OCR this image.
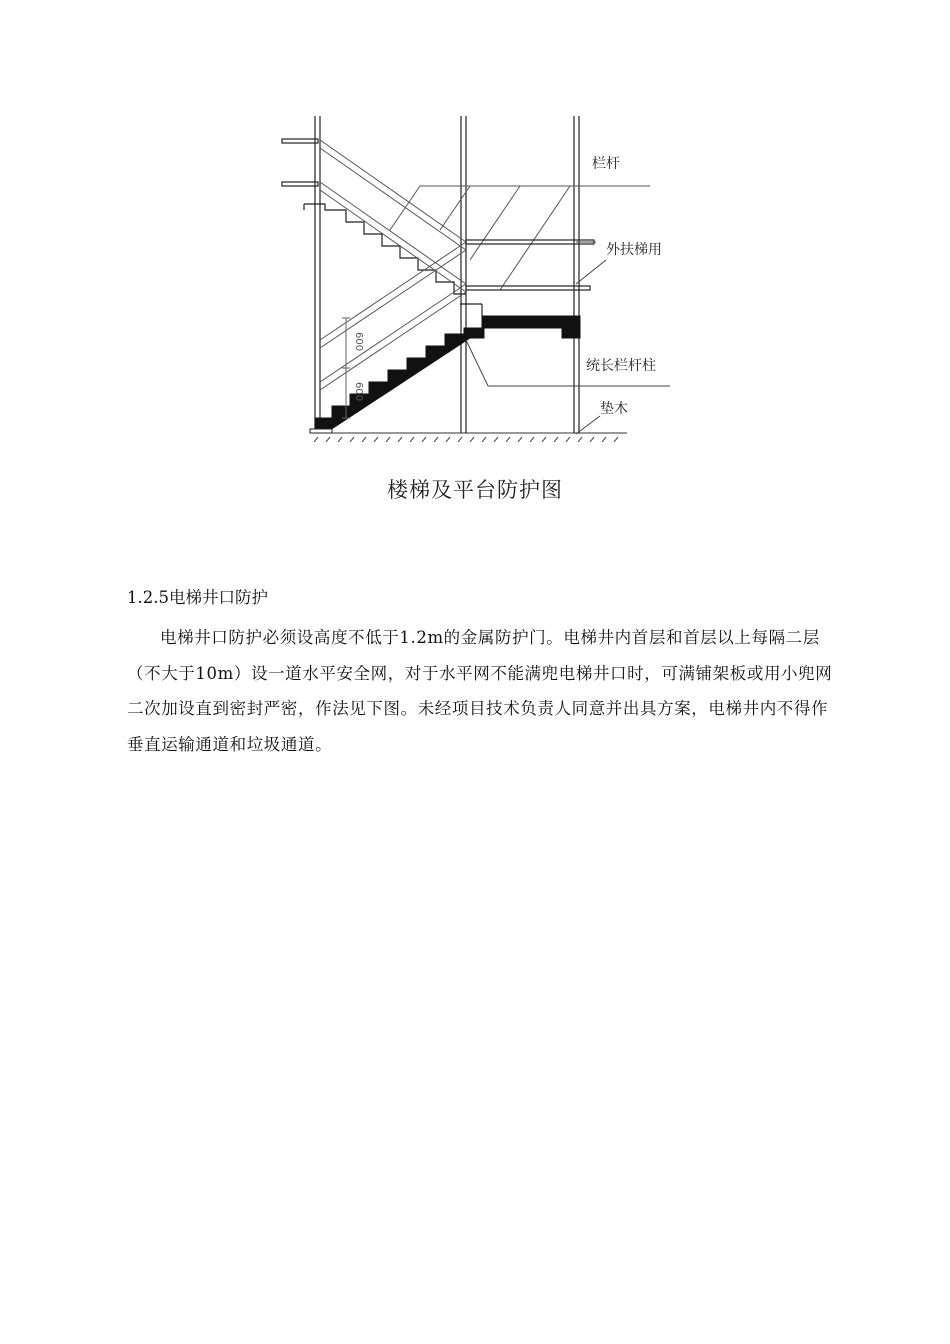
600
600
栏杆
外扶梯用
统长栏杆柱
垫木
楼梯及平台防护图
1.2.5电梯井口防护

电梯井口防护必须设高度不低于1.2m的金属防护门。电梯井内首层和首层以上每隔二层（不大于10m）设一道水平安全网，对于水平网不能满兜电梯井口时，可满铺架板或用小兜网二次加设直到密封严密，作法见下图。未经项目技术负责人同意并出具方案，电梯井内不得作垂直运输通道和垃圾通道。
